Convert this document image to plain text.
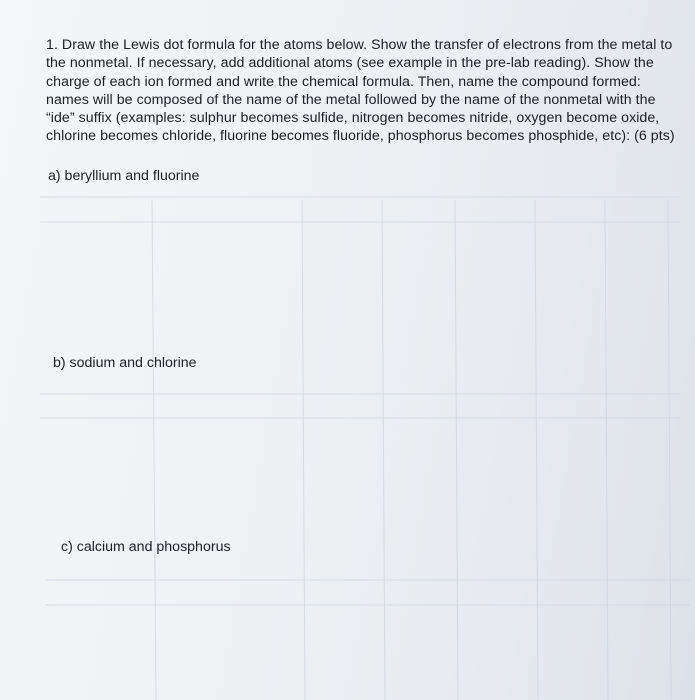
1. Draw the Lewis dot formula for the atoms below. Show the transfer of electrons from the metal to the nonmetal. If necessary, add additional atoms (see example in the pre-lab reading). Show the charge of each ion formed and write the chemical formula. Then, name the compound formed: names will be composed of the name of the metal followed by the name of the nonmetal with the “ide” suffix (examples: sulphur becomes sulfide, nitrogen becomes nitride, oxygen become oxide, chlorine becomes chloride, fluorine becomes fluoride, phosphorus becomes phosphide, etc): (6 pts)
a) beryllium and fluorine
b) sodium and chlorine
c) calcium and phosphorus
